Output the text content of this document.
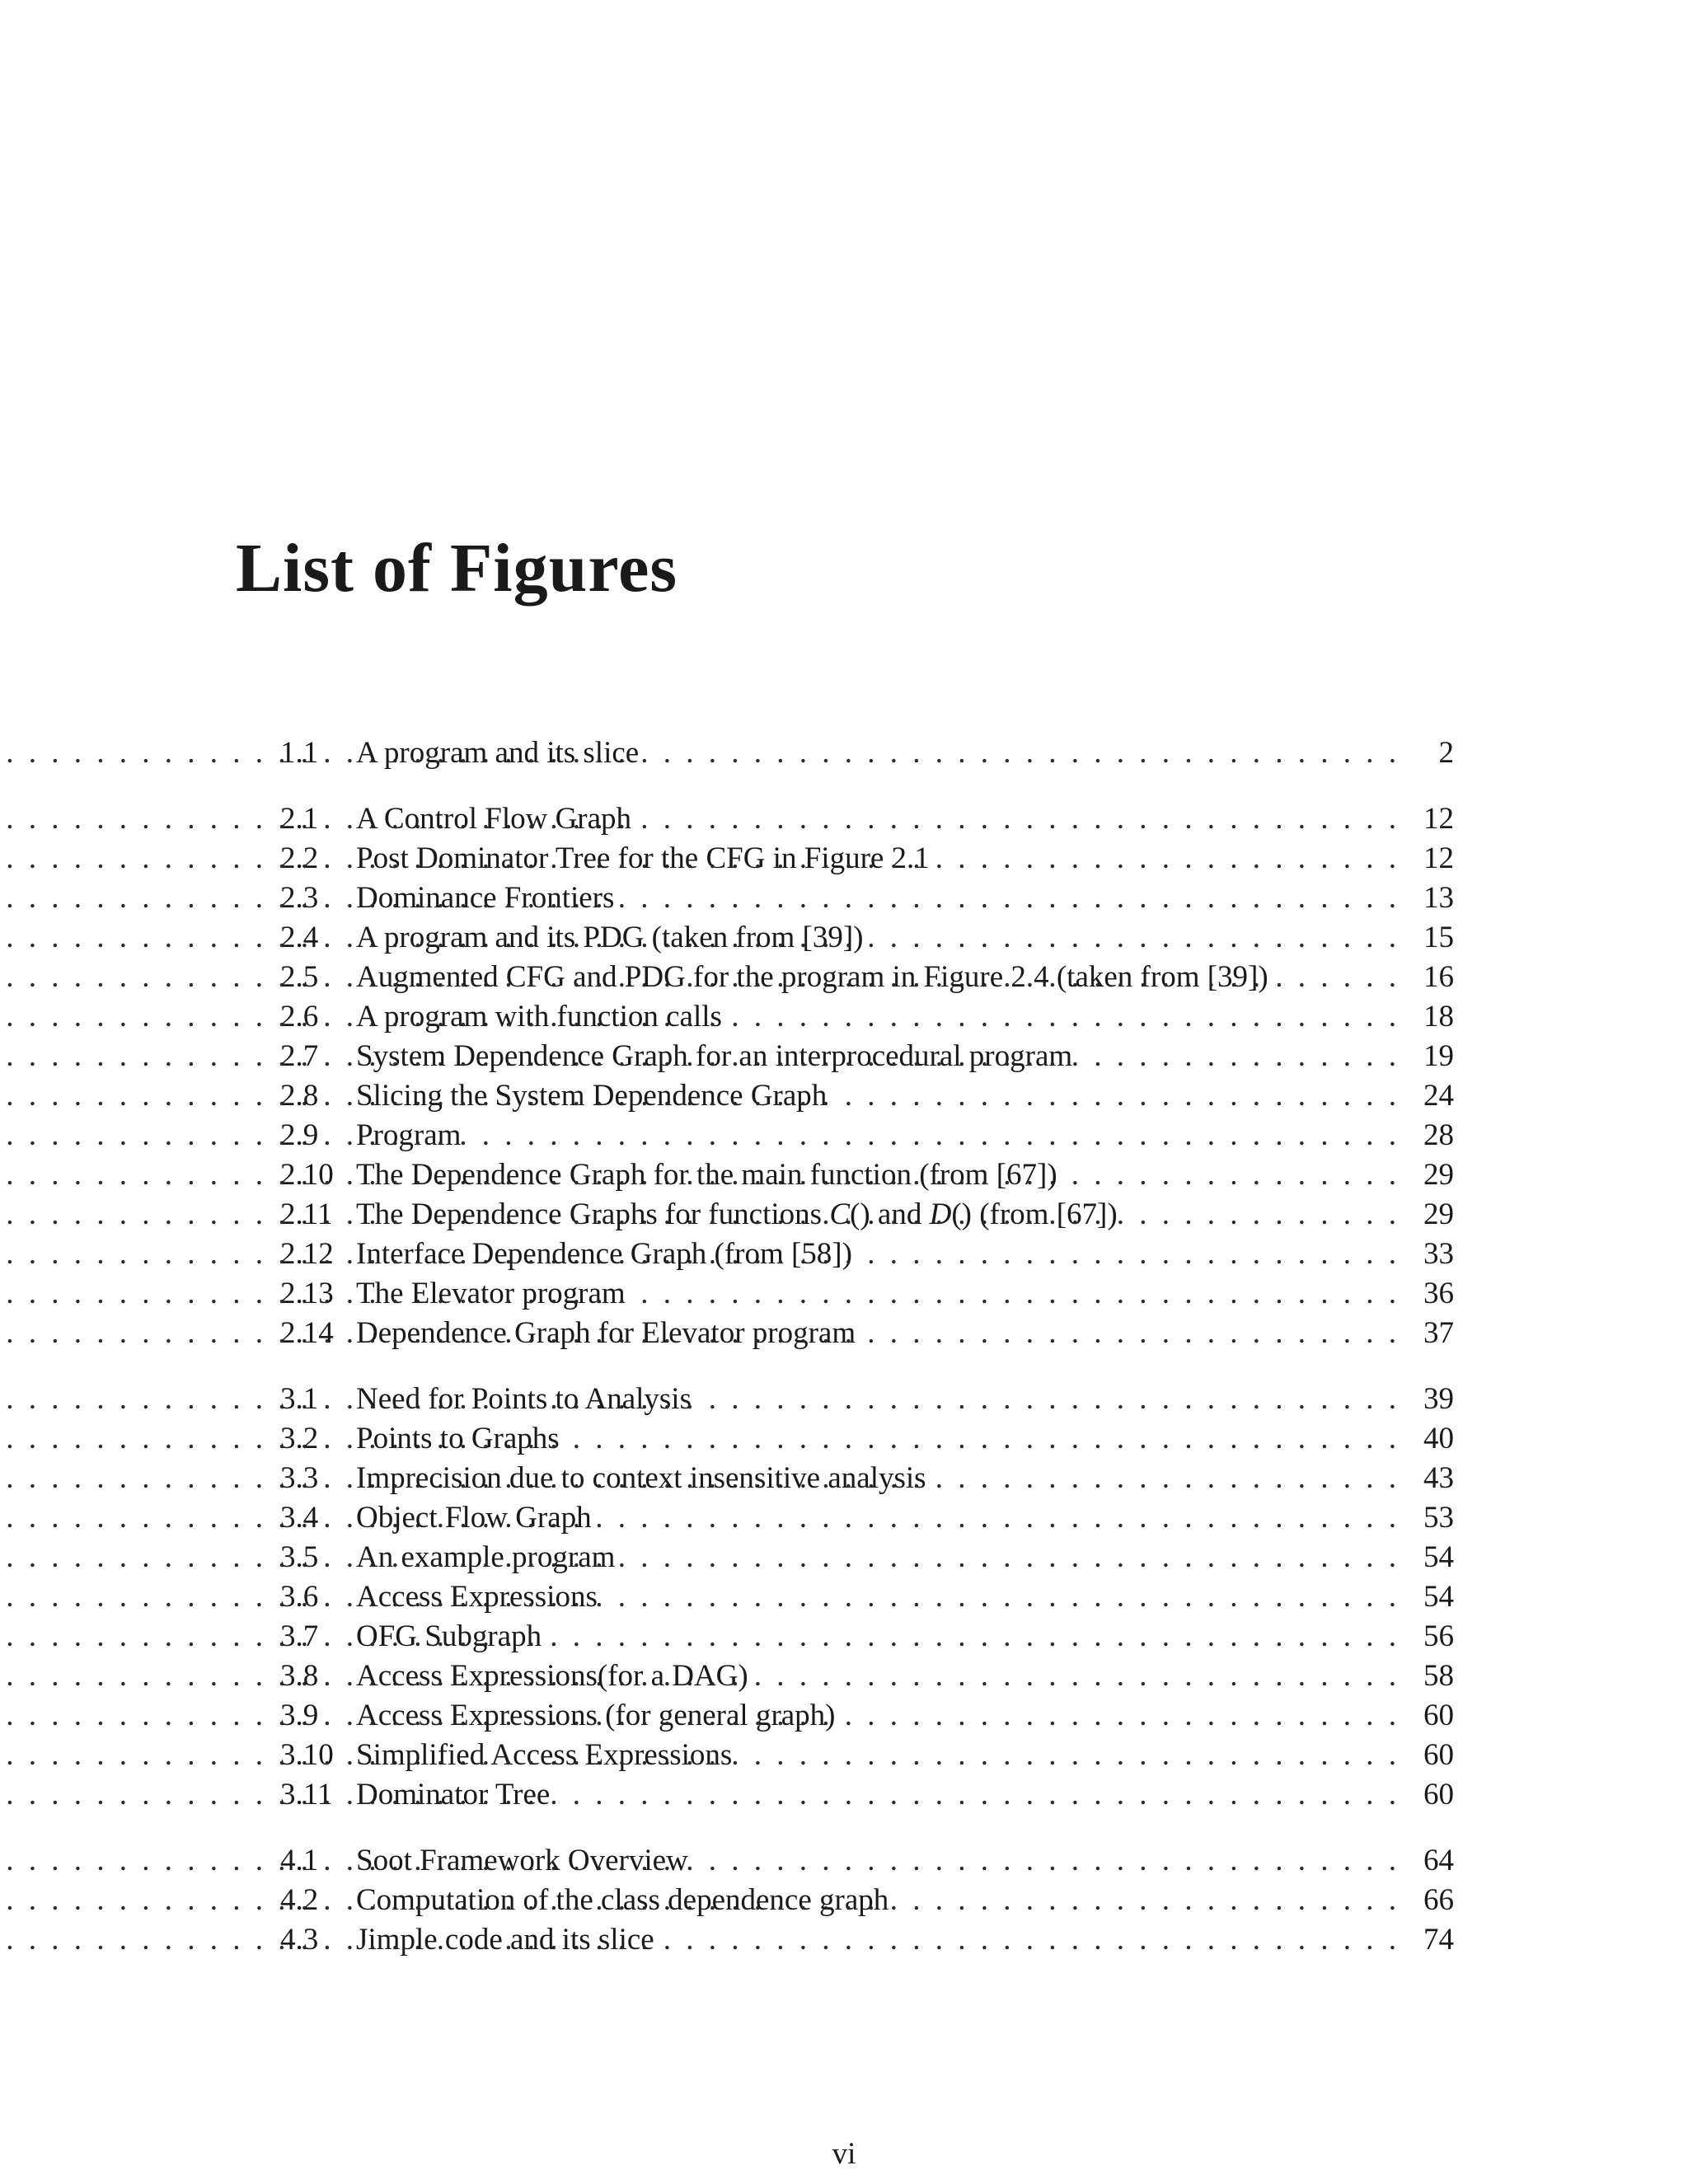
List of Figures
1.1	A program and its slice . . .	2
2.1	A Control Flow Graph . . .	12
2.2	Post Dominator Tree for the CFG in Figure 2.1 . . .	12
2.3	Dominance Frontiers . . .	13
2.4	A program and its PDG (taken from [39]) . . .	15
2.5	Augmented CFG and PDG for the program in Figure 2.4 (taken from [39]) . . .	16
2.6	A program with function calls . . .	18
2.7	System Dependence Graph for an interprocedural program . . .	19
2.8	Slicing the System Dependence Graph . . .	24
2.9	Program . . .	28
2.10 The Dependence Graph for the main function (from [67]) . . .	29
2.11 The Dependence Graphs for functions C() and D() (from [67]) . . .	29
2.12 Interface Dependence Graph (from [58]) . . .	33
2.13 The Elevator program . . .	36
2.14 Dependence Graph for Elevator program . . .	37
3.1	Need for Points to Analysis . . .	39
3.2	Points to Graphs . . .	40
3.3	Imprecision due to context insensitive analysis . . .	43
3.4	Object Flow Graph . . .	53
3.5	An example program . . .	54
3.6	Access Expressions . . .	54
3.7	OFG Subgraph . . .	56
3.8	Access Expressions(for a DAG) . . .	58
3.9	Access Expressions (for general graph) . . .	60
3.10 Simplified Access Expressions . . .	60
3.11 Dominator Tree . . .	60
4.1	Soot Framework Overview . . .	64
4.2	Computation of the class dependence graph . . .	66
4.3	Jimple code and its slice . . .	74
vi
